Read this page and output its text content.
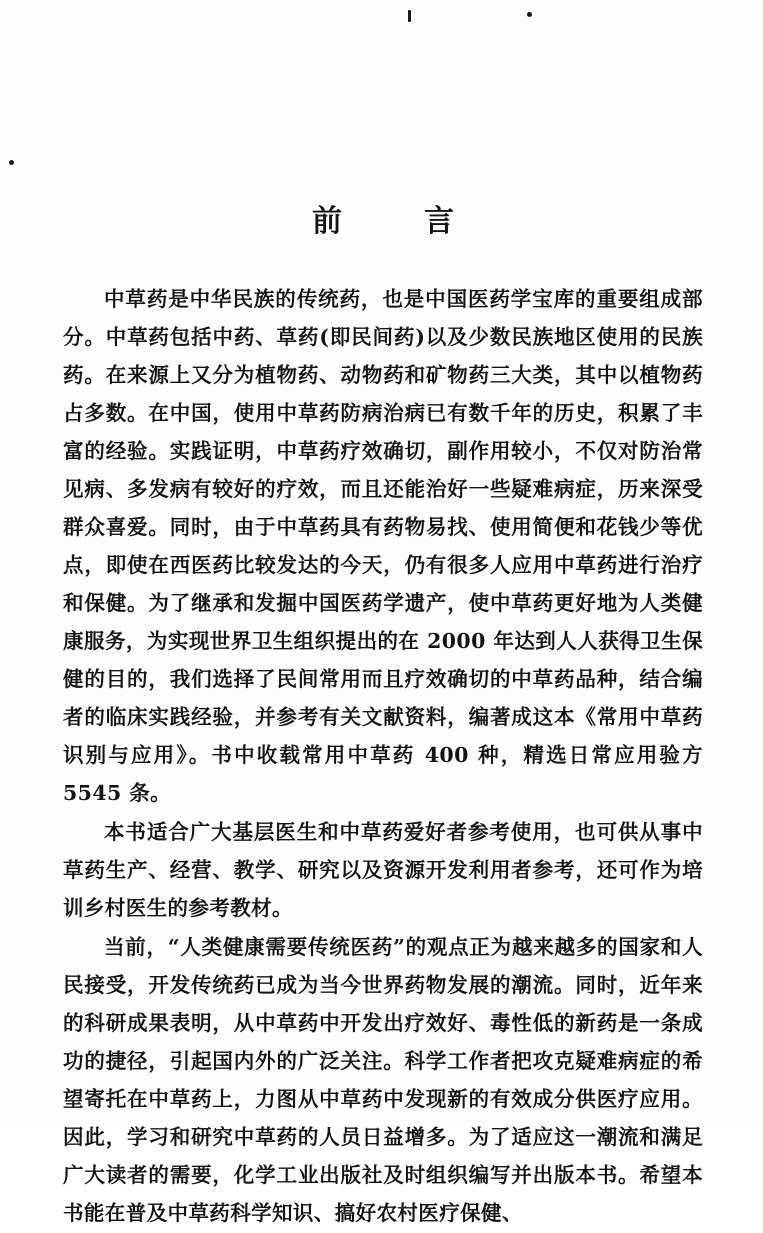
前　言

中草药是中华民族的传统药，也是中国医药学宝库的重要组成部分。中草药包括中药、草药(即民间药)以及少数民族地区使用的民族药。在来源上又分为植物药、动物药和矿物药三大类，其中以植物药占多数。在中国，使用中草药防病治病已有数千年的历史，积累了丰富的经验。实践证明，中草药疗效确切，副作用较小，不仅对防治常见病、多发病有较好的疗效，而且还能治好一些疑难病症，历来深受群众喜爱。同时，由于中草药具有药物易找、使用简便和花钱少等优点，即使在西医药比较发达的今天，仍有很多人应用中草药进行治疗和保健。为了继承和发掘中国医药学遗产，使中草药更好地为人类健康服务，为实现世界卫生组织提出的在 2000 年达到人人获得卫生保健的目的，我们选择了民间常用而且疗效确切的中草药品种，结合编者的临床实践经验，并参考有关文献资料，编著成这本《常用中草药识别与应用》。书中收载常用中草药 400 种，精选日常应用验方 5545 条。

本书适合广大基层医生和中草药爱好者参考使用，也可供从事中草药生产、经营、教学、研究以及资源开发利用者参考，还可作为培训乡村医生的参考教材。

当前，“人类健康需要传统医药”的观点正为越来越多的国家和人民接受，开发传统药已成为当今世界药物发展的潮流。同时，近年来的科研成果表明，从中草药中开发出疗效好、毒性低的新药是一条成功的捷径，引起国内外的广泛关注。科学工作者把攻克疑难病症的希望寄托在中草药上，力图从中草药中发现新的有效成分供医疗应用。因此，学习和研究中草药的人员日益增多。为了适应这一潮流和满足广大读者的需要，化学工业出版社及时组织编写并出版本书。希望本书能在普及中草药科学知识、搞好农村医疗保健、
